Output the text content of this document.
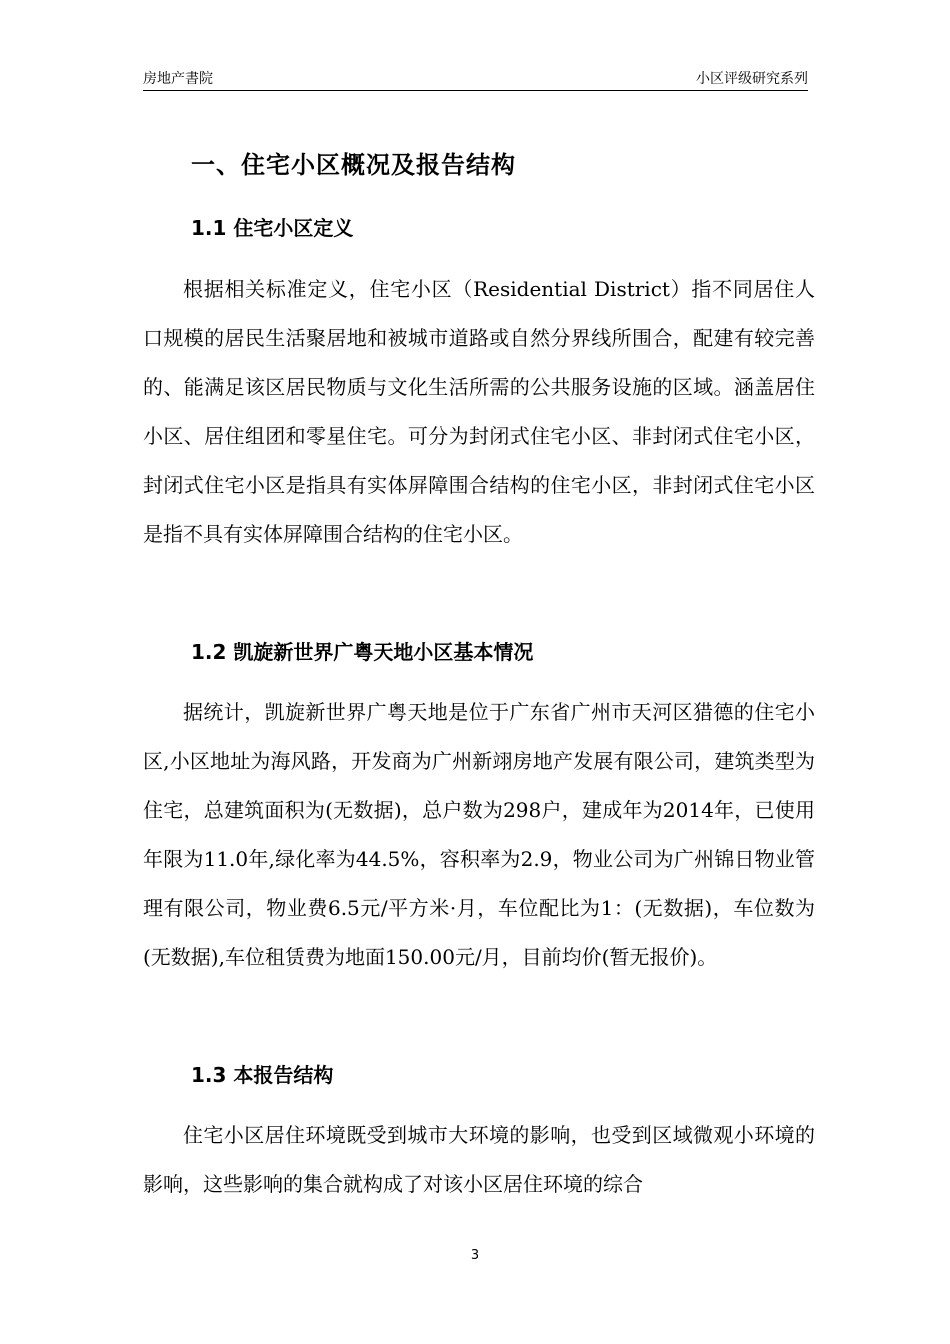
房地产書院	小区评级研究系列
一、住宅小区概况及报告结构
1.1 住宅小区定义

根据相关标准定义，住宅小区（Residential District）指不同居住人口规模的居民生活聚居地和被城市道路或自然分界线所围合，配建有较完善的、能满足该区居民物质与文化生活所需的公共服务设施的区域。涵盖居住小区、居住组团和零星住宅。可分为封闭式住宅小区、非封闭式住宅小区，封闭式住宅小区是指具有实体屏障围合结构的住宅小区，非封闭式住宅小区是指不具有实体屏障围合结构的住宅小区。

1.2 凯旋新世界广粤天地小区基本情况

据统计，凯旋新世界广粤天地是位于广东省广州市天河区猎德的住宅小区,小区地址为海风路，开发商为广州新翊房地产发展有限公司，建筑类型为住宅，总建筑面积为(无数据)，总户数为298户，建成年为2014年，已使用年限为11.0年,绿化率为44.5%，容积率为2.9，物业公司为广州锦日物业管理有限公司，物业费6.5元/平方米·月，车位配比为1：(无数据)，车位数为(无数据),车位租赁费为地面150.00元/月，目前均价(暂无报价)。

1.3 本报告结构

住宅小区居住环境既受到城市大环境的影响，也受到区域微观小环境的影响，这些影响的集合就构成了对该小区居住环境的综合

3
